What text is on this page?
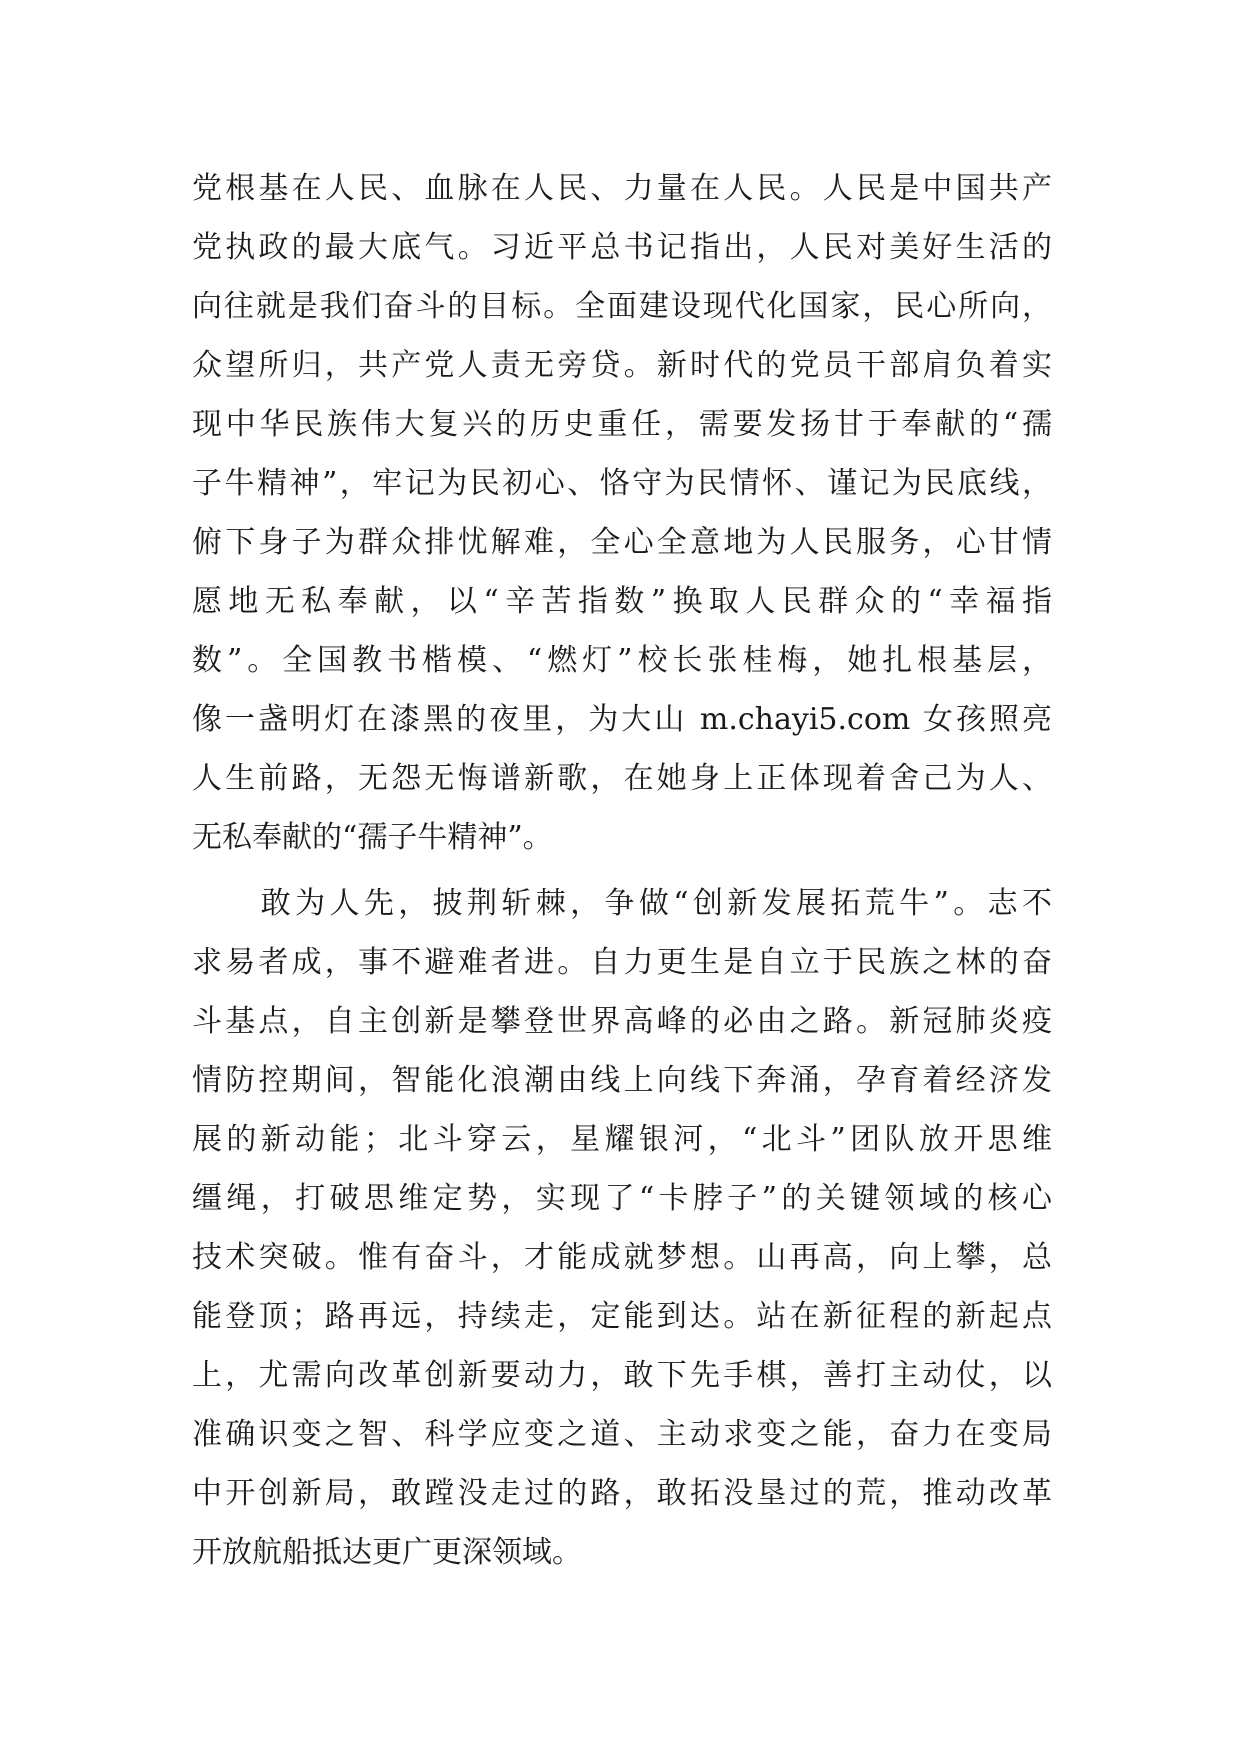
党根基在人民、血脉在人民、力量在人民。人民是中国共产
党执政的最大底气。习近平总书记指出，人民对美好生活的
向往就是我们奋斗的目标。全面建设现代化国家，民心所向，
众望所归，共产党人责无旁贷。新时代的党员干部肩负着实
现中华民族伟大复兴的历史重任，需要发扬甘于奉献的“孺
子牛精神”，牢记为民初心、恪守为民情怀、谨记为民底线，
俯下身子为群众排忧解难，全心全意地为人民服务，心甘情
愿地无私奉献，以“辛苦指数”换取人民群众的“幸福指
数”。全国教书楷模、“燃灯”校长张桂梅，她扎根基层，
像一盏明灯在漆黑的夜里，为大山 m.chayi5.com 女孩照亮
人生前路，无怨无悔谱新歌，在她身上正体现着舍己为人、
无私奉献的“孺子牛精神”。
　　敢为人先，披荆斩棘，争做“创新发展拓荒牛”。志不
求易者成，事不避难者进。自力更生是自立于民族之林的奋
斗基点，自主创新是攀登世界高峰的必由之路。新冠肺炎疫
情防控期间，智能化浪潮由线上向线下奔涌，孕育着经济发
展的新动能；北斗穿云，星耀银河，“北斗”团队放开思维
缰绳，打破思维定势，实现了“卡脖子”的关键领域的核心
技术突破。惟有奋斗，才能成就梦想。山再高，向上攀，总
能登顶；路再远，持续走，定能到达。站在新征程的新起点
上，尤需向改革创新要动力，敢下先手棋，善打主动仗，以
准确识变之智、科学应变之道、主动求变之能，奋力在变局
中开创新局，敢蹚没走过的路，敢拓没垦过的荒，推动改革
开放航船抵达更广更深领域。
